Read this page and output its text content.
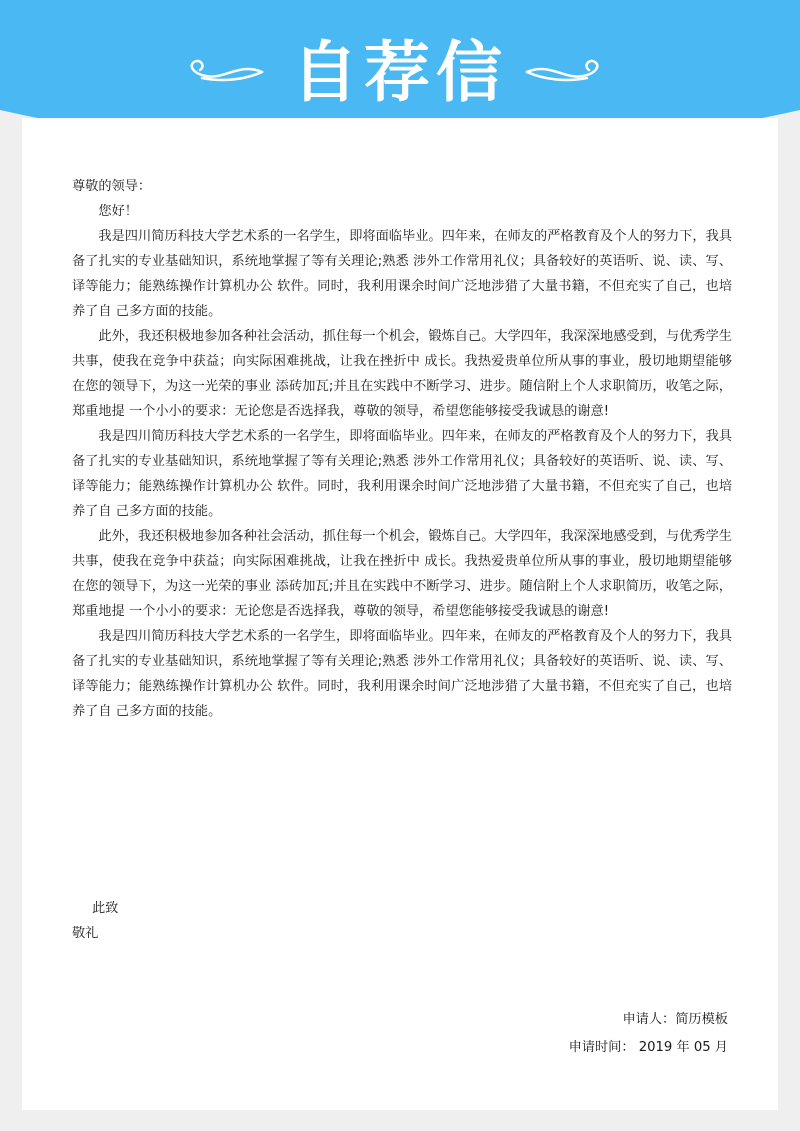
自荐信

尊敬的领导：

您好！

我是四川简历科技大学艺术系的一名学生，即将面临毕业。四年来，在师友的严格教育及个人的努力下，我具备了扎实的专业基础知识，系统地掌握了等有关理论;熟悉 涉外工作常用礼仪；具备较好的英语听、说、读、写、译等能力；能熟练操作计算机办公 软件。同时，我利用课余时间广泛地涉猎了大量书籍，不但充实了自己，也培养了自 己多方面的技能。

此外，我还积极地参加各种社会活动，抓住每一个机会，锻炼自己。大学四年，我深深地感受到，与优秀学生共事，使我在竞争中获益；向实际困难挑战，让我在挫折中 成长。我热爱贵单位所从事的事业，殷切地期望能够在您的领导下，为这一光荣的事业 添砖加瓦;并且在实践中不断学习、进步。随信附上个人求职简历，收笔之际，郑重地提 一个小小的要求：无论您是否选择我，尊敬的领导，希望您能够接受我诚恳的谢意!

我是四川简历科技大学艺术系的一名学生，即将面临毕业。四年来，在师友的严格教育及个人的努力下，我具备了扎实的专业基础知识，系统地掌握了等有关理论;熟悉 涉外工作常用礼仪；具备较好的英语听、说、读、写、译等能力；能熟练操作计算机办公 软件。同时，我利用课余时间广泛地涉猎了大量书籍，不但充实了自己，也培养了自 己多方面的技能。

此外，我还积极地参加各种社会活动，抓住每一个机会，锻炼自己。大学四年，我深深地感受到，与优秀学生共事，使我在竞争中获益；向实际困难挑战，让我在挫折中 成长。我热爱贵单位所从事的事业，殷切地期望能够在您的领导下，为这一光荣的事业 添砖加瓦;并且在实践中不断学习、进步。随信附上个人求职简历，收笔之际，郑重地提 一个小小的要求：无论您是否选择我，尊敬的领导，希望您能够接受我诚恳的谢意!

我是四川简历科技大学艺术系的一名学生，即将面临毕业。四年来，在师友的严格教育及个人的努力下，我具备了扎实的专业基础知识，系统地掌握了等有关理论;熟悉 涉外工作常用礼仪；具备较好的英语听、说、读、写、译等能力；能熟练操作计算机办公 软件。同时，我利用课余时间广泛地涉猎了大量书籍，不但充实了自己，也培养了自 己多方面的技能。

此致
敬礼
申请人：简历模板
申请时间： 2019 年 05 月
